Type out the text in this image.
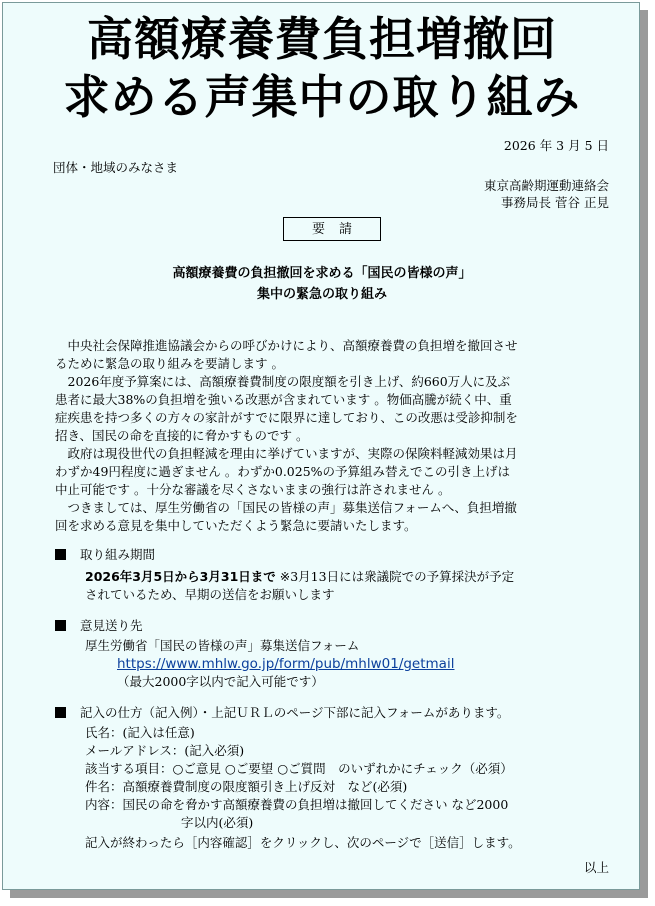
高額療養費負担増撤回
求める声集中の取り組み
2026 年 3 月 5 日
団体・地域のみなさま
東京高齢期運動連絡会
事務局長 菅谷 正見
要請
高額療養費の負担撤回を求める「国民の皆様の声」
集中の緊急の取り組み

　中央社会保障推進協議会からの呼びかけにより、高額療養費の負担増を撤回させ

るために緊急の取り組みを要請します 。

　2026年度予算案には、高額療養費制度の限度額を引き上げ、約660万人に及ぶ

患者に最大38%の負担増を強いる改悪が含まれています 。物価高騰が続く中、重

症疾患を持つ多くの方々の家計がすでに限界に達しており、この改悪は受診抑制を

招き、国民の命を直接的に脅かすものです 。

　政府は現役世代の負担軽減を理由に挙げていますが、実際の保険料軽減効果は月

わずか49円程度に過ぎません 。わずか0.025%の予算組み替えでこの引き上げは

中止可能です 。十分な審議を尽くさないままの強行は許されません 。

　つきましては、厚生労働省の「国民の皆様の声」募集送信フォームへ、負担増撤

回を求める意見を集中していただくよう緊急に要請いたします。

取り組み期間
2026年3月5日から3月31日まで ※3月13日には衆議院での予算採決が予定
されているため、早期の送信をお願いします
意見送り先
厚生労働省「国民の皆様の声」募集送信フォーム
https://www.mhlw.go.jp/form/pub/mhlw01/getmail
（最大2000字以内で記入可能です）
記入の仕方（記入例）・上記ＵＲＬのページ下部に記入フォームがあります。
氏名：(記入は任意)
メールアドレス：(記入必須)
該当する項目：○ご意見 ○ご要望 ○ご質問　のいずれかにチェック（必須）
件名：高額療養費制度の限度額引き上げ反対　など(必須)
内容：国民の命を脅かす高額療養費の負担増は撤回してください など2000
字以内(必須)
記入が終わったら［内容確認］をクリックし、次のページで［送信］します。
以上
